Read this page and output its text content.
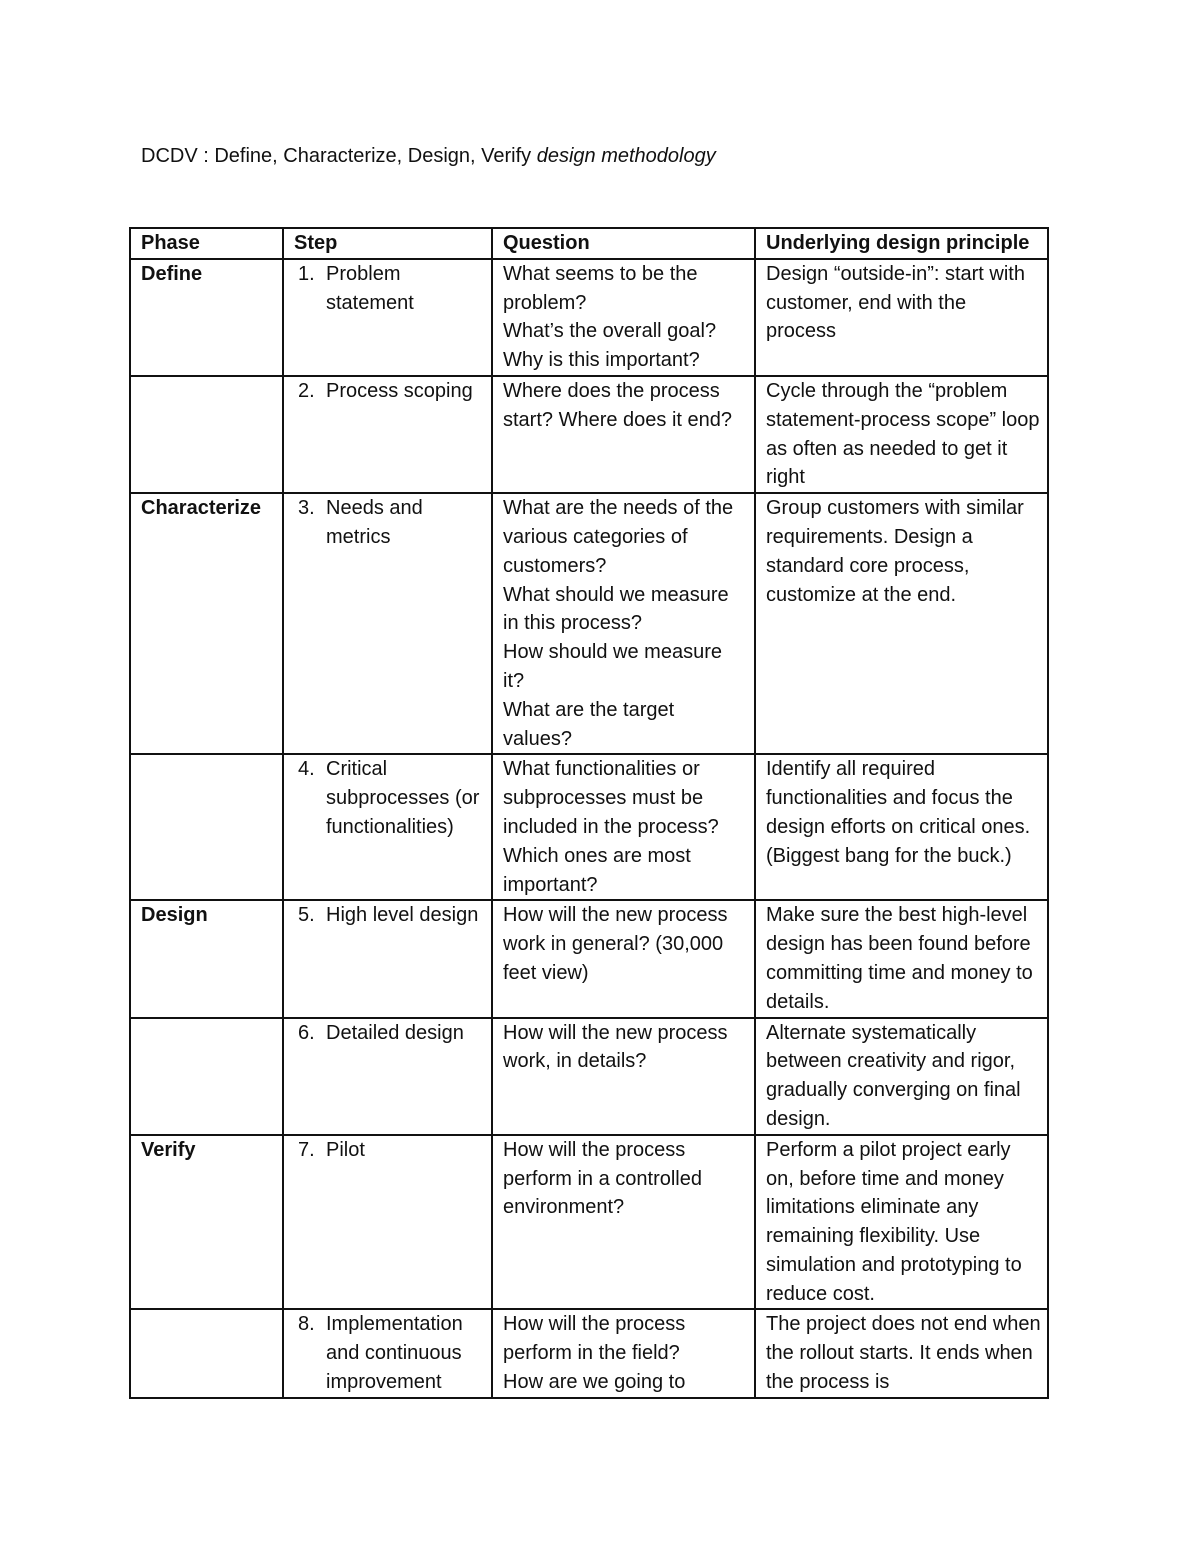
DCDV : Define, Characterize, Design, Verify design methodology
Phase	Step	Question	Underlying design principle
Define	1. Problem statement	What seems to be the problem?
What’s the overall goal?
Why is this important?	Design “outside-in”: start with customer, end with the process

	2. Process scoping	Where does the process start? Where does it end?	Cycle through the “problem statement-process scope” loop as often as needed to get it right
Characterize	3. Needs and metrics	What are the needs of the various categories of customers?
What should we measure in this process?
How should we measure it?
What are the target values?	Group customers with similar requirements. Design a standard core process, customize at the end.

	4. Critical subprocesses (or functionalities)	What functionalities or subprocesses must be included in the process?
Which ones are most important?	Identify all required functionalities and focus the design efforts on critical ones. (Biggest bang for the buck.)
Design	5. High level design	How will the new process work in general? (30,000 feet view)	Make sure the best high-level design has been found before committing time and money to details.

	6. Detailed design	How will the new process work, in details?	Alternate systematically between creativity and rigor, gradually converging on final design.
Verify	7. Pilot	How will the process perform in a controlled environment?	Perform a pilot project early on, before time and money limitations eliminate any remaining flexibility. Use simulation and prototyping to reduce cost.

	8. Implementation and continuous improvement	How will the process perform in the field?
How are we going to	The project does not end when the rollout starts. It ends when the process is
